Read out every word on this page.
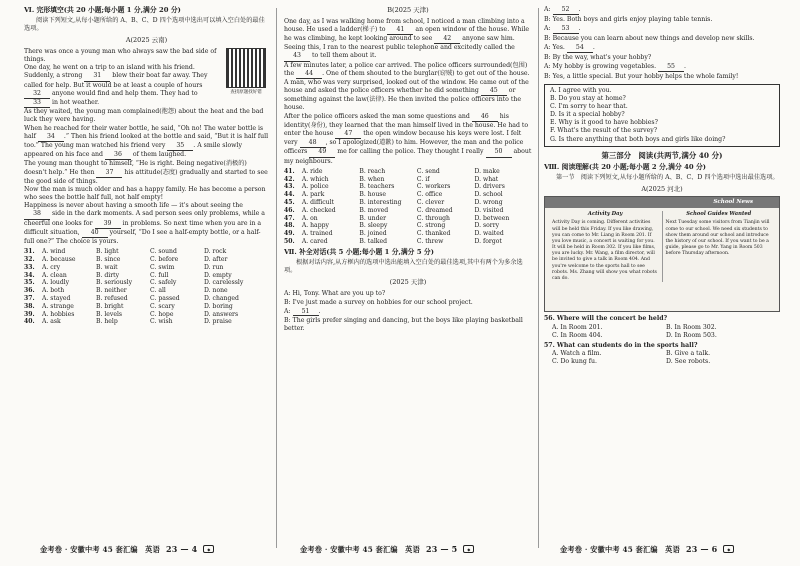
Ⅵ. 完形填空(共 20 小题;每小题 1 分,满分 20 分)
阅读下列短文,从每小题所给的 A、B、C、D 四个选项中选出可以填入空白处的最佳选项。
A(2025 云南)
查找原题找好错
There was once a young man who always saw the bad side of things.
One day, he went on a trip to an island with his friend. Suddenly, a strong 31 blew their boat far away. They called for help. But it would be at least a couple of hours 32 anyone would find and help them. They had to 33 in hot weather.
As they waited, the young man complained(抱怨) about the heat and the bad luck they were having.
When he reached for their water bottle, he said, “Oh no! The water bottle is half 34 .” Then his friend looked at the bottle and said, “But it is half full too.” The young man watched his friend very 35 . A smile slowly appeared on his face and 36 of them laughed.
The young man thought to himself, “He is right. Being negative(消极的) doesn't help.” He then 37 his attitude(态度) gradually and started to see the good side of things.
Now the man is much older and has a happy family. He has become a person who sees the bottle half full, not half empty!
Happiness is never about having a smooth life — it's about seeing the 38 side in the dark moments. A sad person sees only problems, while a cheerful one looks for 39 in problems. So next time when you are in a difficult situation, 40 yourself, “Do I see a half-empty bottle, or a half-full one?” The choice is yours.
31.	A. wind	B. light	C. sound	D. rock
32.	A. because	B. since	C. before	D. after
33.	A. cry	B. wait	C. swim	D. run
34.	A. clean	B. dirty	C. full	D. empty
35.	A. loudly	B. seriously	C. safely	D. carelessly
36.	A. both	B. neither	C. all	D. none
37.	A. stayed	B. refused	C. passed	D. changed
38.	A. strange	B. bright	C. scary	D. boring
39.	A. hobbies	B. levels	C. hope	D. answers
40.	A. ask	B. help	C. wish	D. praise
B(2025 天津)
One day, as I was walking home from school, I noticed a man climbing into a house. He used a ladder(梯子) to 41 an open window of the house. While he was climbing, he kept looking around to see 42 anyone saw him. Seeing this, I ran to the nearest public telephone and excitedly called the 43 to tell them about it.
A few minutes later, a police car arrived. The police officers surrounded(包围) the 44 . One of them shouted to the burglar(窃贼) to get out of the house. A man, who was very surprised, looked out of the window. He came out of the house and asked the police officers whether he did something 45 or something against the law(法律). He then invited the police officers into the house.
After the police officers asked the man some questions and 46 his identity(身份), they learned that the man himself lived in the house. He had to enter the house 47 the open window because his keys were lost. I felt very 48 , so I apologized(道歉) to him. However, the man and the police officers 49 me for calling the police. They thought I really 50 about my neighbours.
41.	A. ride	B. reach	C. send	D. make
42.	A. which	B. when	C. if	D. what
43.	A. police	B. teachers	C. workers	D. drivers
44.	A. park	B. house	C. office	D. school
45.	A. difficult	B. interesting	C. clever	D. wrong
46.	A. checked	B. moved	C. dreamed	D. visited
47.	A. on	B. under	C. through	D. between
48.	A. happy	B. sleepy	C. strong	D. sorry
49.	A. trained	B. joined	C. thanked	D. waited
50.	A. cared	B. talked	C. threw	D. forgot
Ⅶ. 补全对话(共 5 小题;每小题 1 分,满分 5 分)
根据对话内容,从方框内的选项中选出能填入空白处的最佳选项,其中有两个为多余选项。
(2025 天津)
A: Hi, Tony. What are you up to?
B: I've just made a survey on hobbies for our school project.
A: 51 .
B: The girls prefer singing and dancing, but the boys like playing basketball better.
A: 52 .
B: Yes. Both boys and girls enjoy playing table tennis.
A: 53 .
B: Because you can learn about new things and develop new skills.
A: Yes. 54 .
B: By the way, what's your hobby?
A: My hobby is growing vegetables. 55 .
B: Yes, a little special. But your hobby helps the whole family!
A. I agree with you.
B. Do you stay at home?
C. I'm sorry to hear that.
D. Is it a special hobby?
E. Why is it good to have hobbies?
F. What's the result of the survey?
G. Is there anything that both boys and girls like doing?
第三部分　阅读(共两节,满分 40 分)
Ⅷ. 阅读理解(共 20 小题;每小题 2 分,满分 40 分)
第一节　阅读下列短文,从每小题所给的 A、B、C、D 四个选项中选出最佳选项。
A(2025 河北)
School News
Activity Day
Activity Day is coming. Different activities will be held this Friday. If you like drawing, you can come to Mr. Liang in Room 201. If you love music, a concert is waiting for you. It will be held in Room 302. If you like films, you are lucky. Mr. Wang, a film director, will be invited to give a talk in Room 404. And you're welcome to the sports hall to see robots. Ms. Zhang will show you what robots can do.
School Guides Wanted
Next Tuesday some visitors from Tianjin will come to our school. We need six students to show them around our school and introduce the history of our school. If you want to be a guide, please go to Mr. Yang in Room 503 before Thursday afternoon.
56. Where will the concert be held?
A. In Room 201.	B. In Room 302.
C. In Room 404.	D. In Room 503.
57. What can students do in the sports hall?
A. Watch a film.	B. Give a talk.
C. Do kung fu.	D. See robots.
金考卷 · 安徽中考 45 套汇编　英语 23 — 4	◆	金考卷 · 安徽中考 45 套汇编　英语 23 — 5	◆	金考卷 · 安徽中考 45 套汇编　英语 23 — 6	◆
